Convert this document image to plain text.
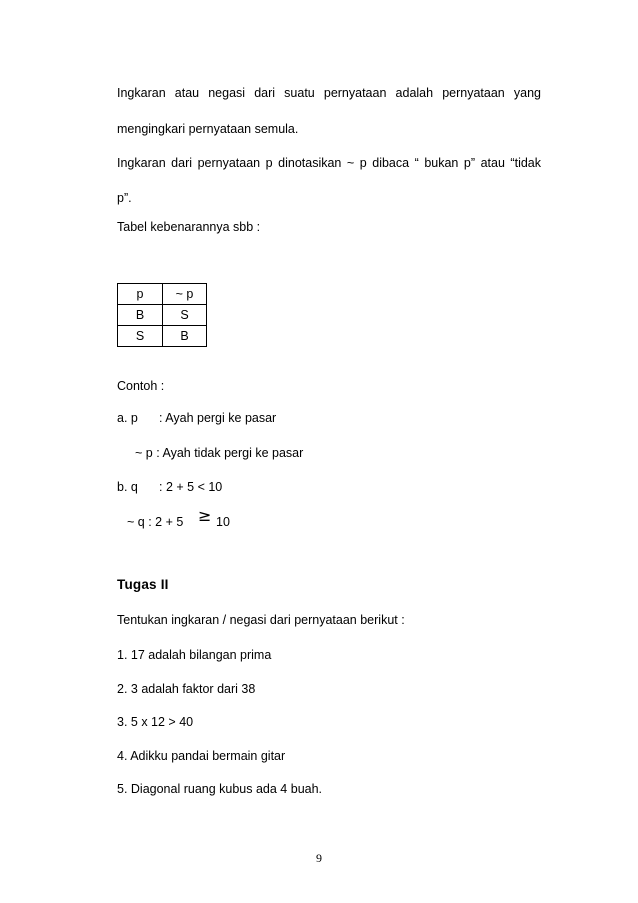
Ingkaran atau negasi dari suatu pernyataan adalah pernyataan yang
mengingkari pernyataan semula.
Ingkaran dari pernyataan p dinotasikan ~ p dibaca “ bukan p” atau “tidak
p”.
Tabel kebenarannya sbb :
p	~ p
B	S
S	B
Contoh :
a. p : Ayah pergi ke pasar
~ p : Ayah tidak pergi ke pasar
b. q : 2 + 5 < 10
~ q : 2 + 5 ≥ 10
Tugas II
Tentukan ingkaran / negasi dari pernyataan berikut :
1. 17 adalah bilangan prima
2. 3 adalah faktor dari 38
3. 5 x 12 > 40
4. Adikku pandai bermain gitar
5. Diagonal ruang kubus ada 4 buah.
9
